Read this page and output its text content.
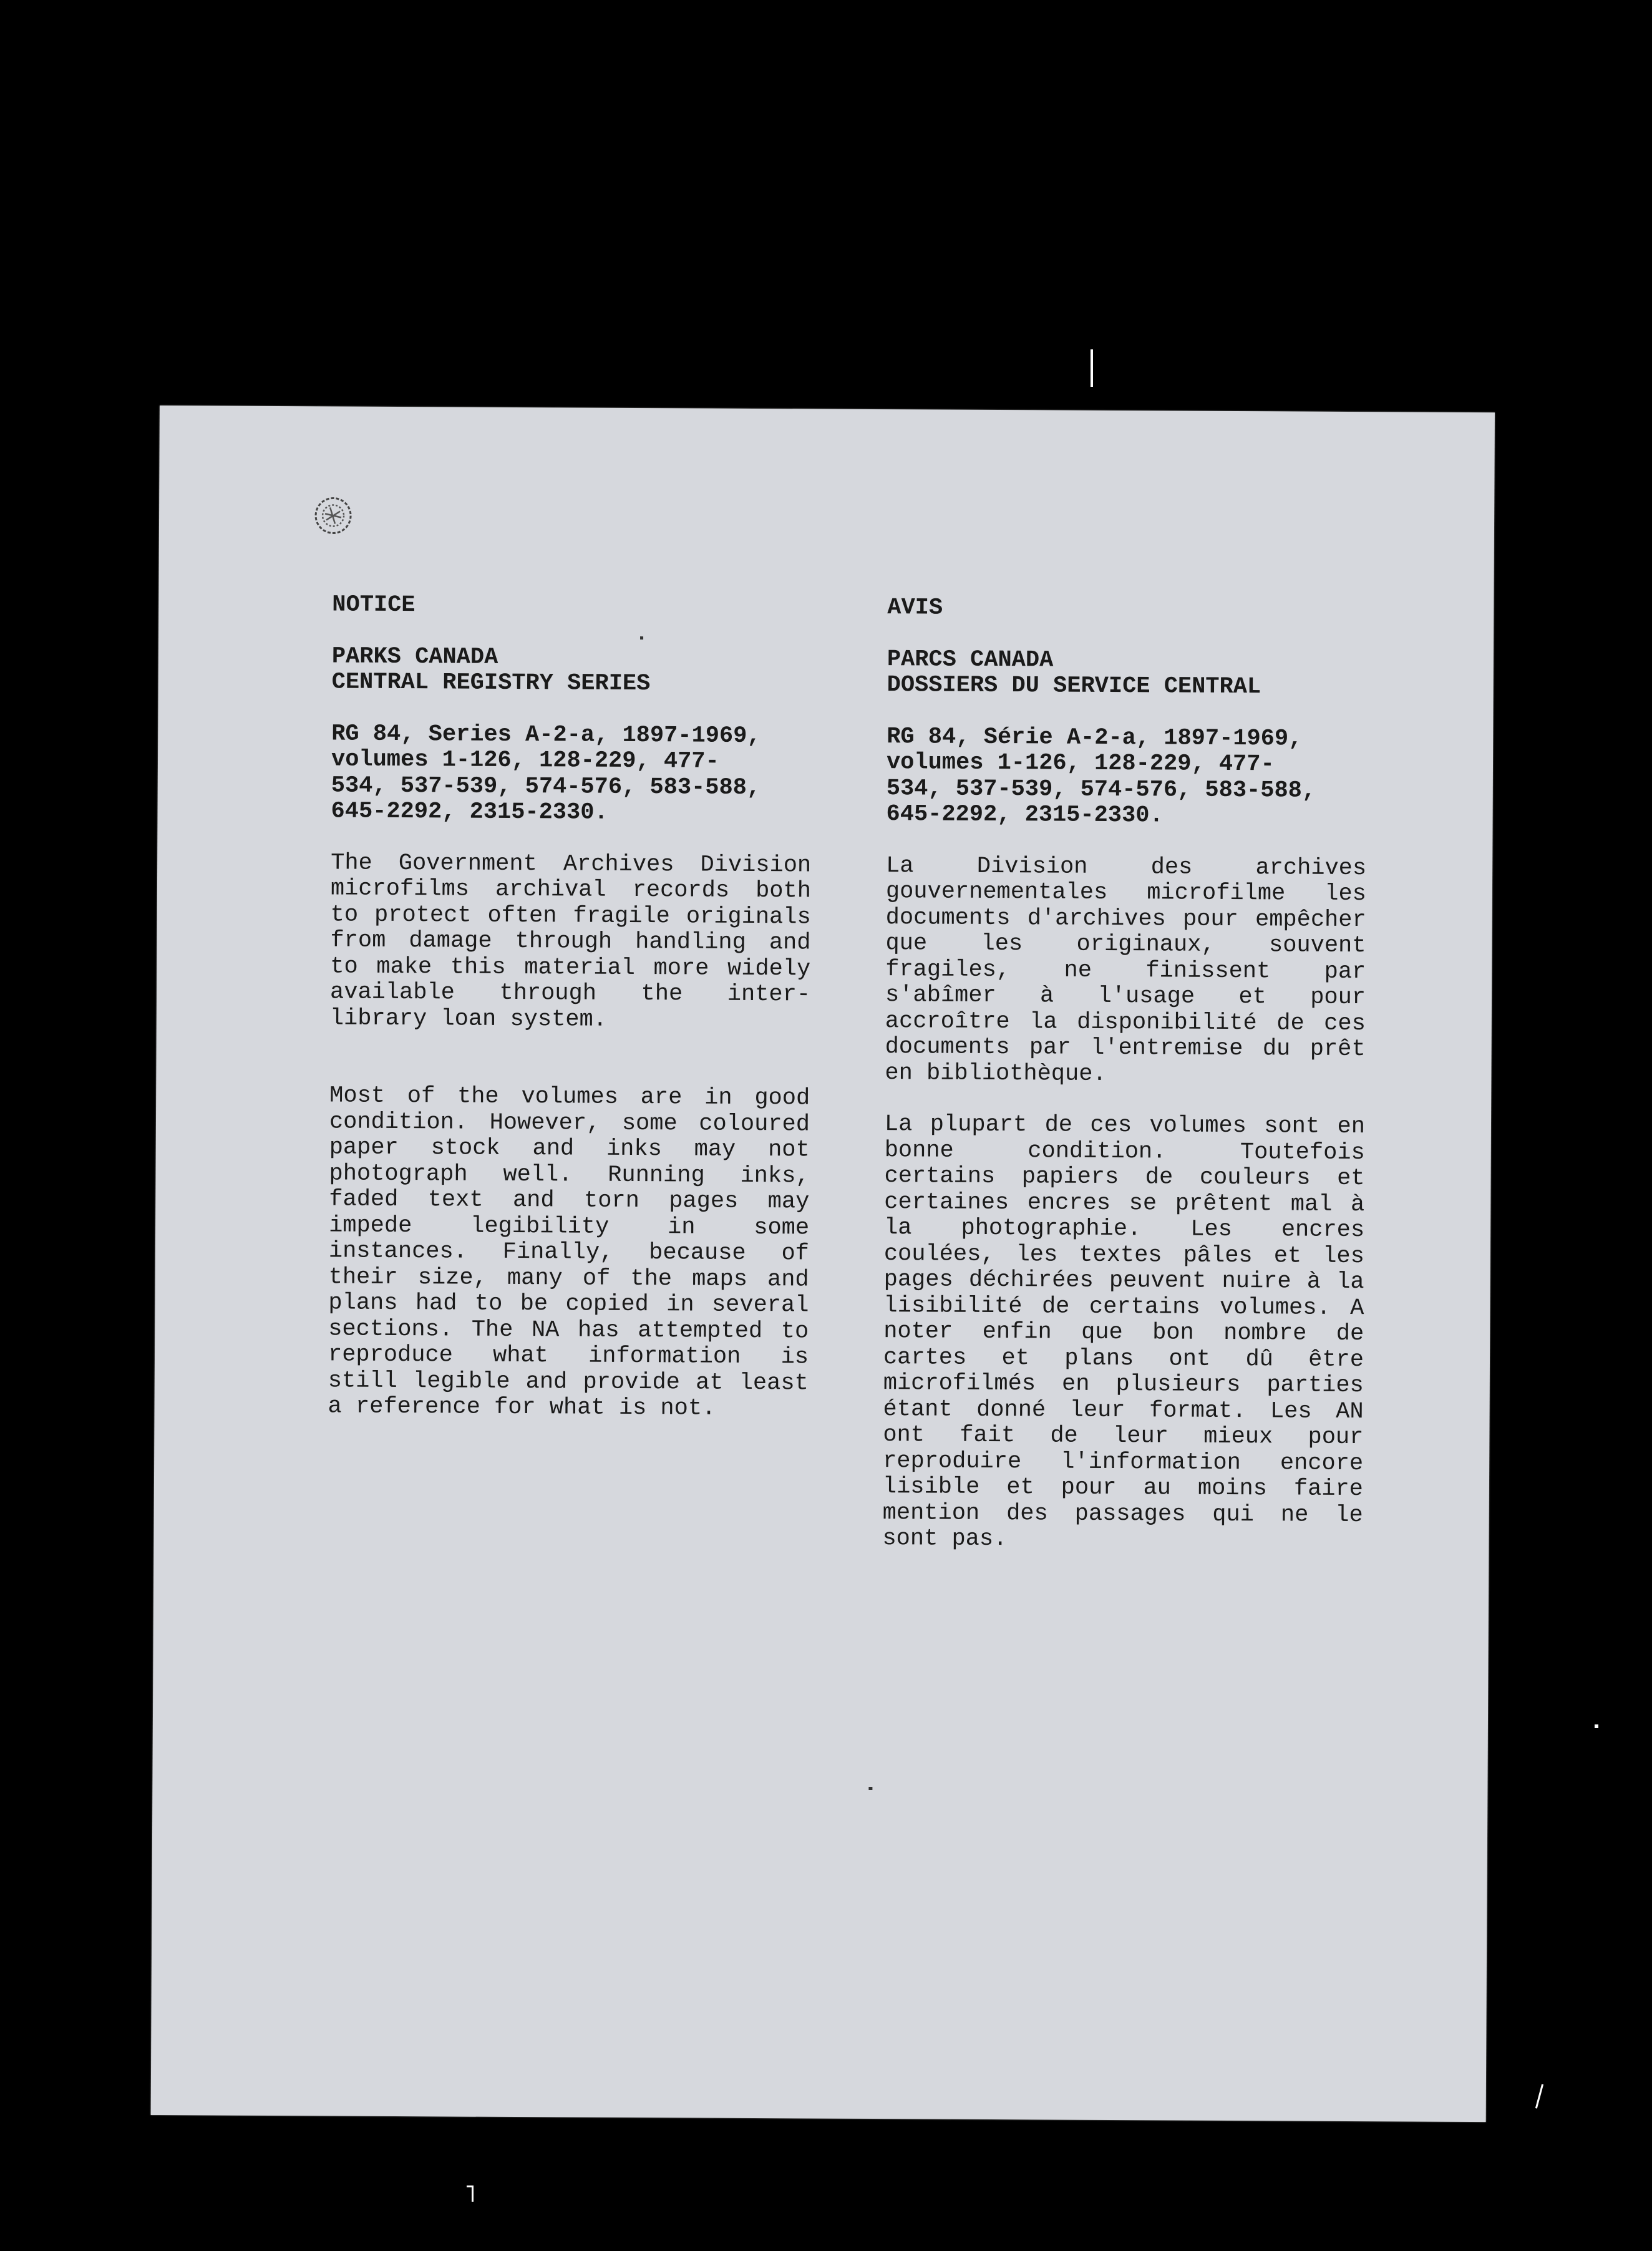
NOTICE

PARKS CANADA
CENTRAL REGISTRY SERIES

RG 84, Series A-2-a, 1897-1969,
volumes 1-126, 128-229, 477-
534, 537-539, 574-576, 583-588,
645-2292, 2315-2330.

The Government Archives Division microfilms archival records both to protect often fragile originals from damage through handling and to make this material more widely available through the inter-library loan system.

Most of the volumes are in good condition. However, some coloured paper stock and inks may not photograph well. Running inks, faded text and torn pages may impede legibility in some instances. Finally, because of their size, many of the maps and plans had to be copied in several sections. The NA has attempted to reproduce what information is still legible and provide at least a reference for what is not.

AVIS

PARCS CANADA
DOSSIERS DU SERVICE CENTRAL

RG 84, Série A-2-a, 1897-1969,
volumes 1-126, 128-229, 477-
534, 537-539, 574-576, 583-588,
645-2292, 2315-2330.

La Division des archives gouvernementales microfilme les documents d'archives pour empêcher que les originaux, souvent fragiles, ne finissent par s'abîmer à l'usage et pour accroître la disponibilité de ces documents par l'entremise du prêt en bibliothèque.

La plupart de ces volumes sont en bonne condition. Toutefois certains papiers de couleurs et certaines encres se prêtent mal à la photographie. Les encres coulées, les textes pâles et les pages déchirées peuvent nuire à la lisibilité de certains volumes. A noter enfin que bon nombre de cartes et plans ont dû être microfilmés en plusieurs parties étant donné leur format. Les AN ont fait de leur mieux pour reproduire l'information encore lisible et pour au moins faire mention des passages qui ne le sont pas.
